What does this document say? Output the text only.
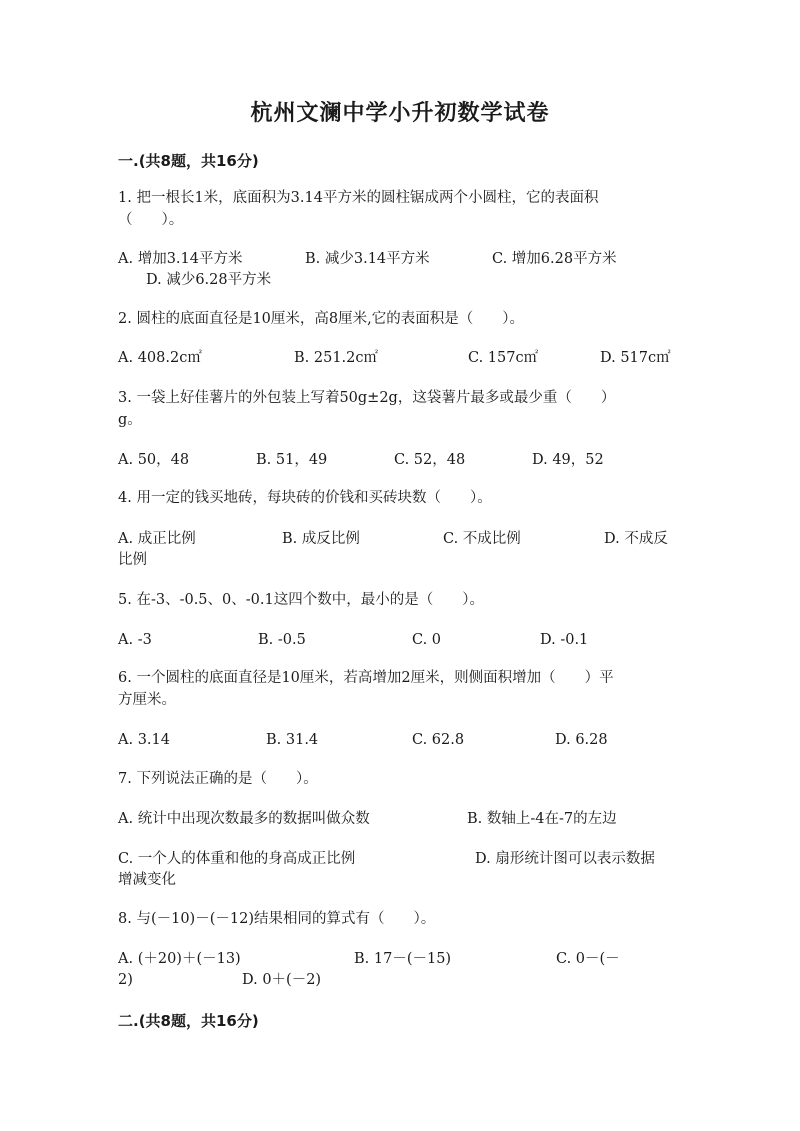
杭州文澜中学小升初数学试卷
一.(共8题，共16分)
1. 把一根长1米，底面积为3.14平方米的圆柱锯成两个小圆柱，它的表面积
（　　）。
A. 增加3.14平方米	B. 减少3.14平方米	C. 增加6.28平方米
D. 减少6.28平方米
2. 圆柱的底面直径是10厘米，高8厘米,它的表面积是（　　）。
A. 408.2c㎡	B. 251.2c㎡	C. 157c㎡	D. 517c㎡
3. 一袋上好佳薯片的外包装上写着50g±2g，这袋薯片最多或最少重（　　）
g。
A. 50，48	B. 51，49	C. 52，48	D. 49，52
4. 用一定的钱买地砖，每块砖的价钱和买砖块数（　　）。
A. 成正比例	B. 成反比例	C. 不成比例	D. 不成反
比例
5. 在-3、-0.5、0、-0.1这四个数中，最小的是（　　）。
A. -3	B. -0.5	C. 0	D. -0.1
6. 一个圆柱的底面直径是10厘米，若高增加2厘米，则侧面积增加（　　）平
方厘米。
A. 3.14	B. 31.4	C. 62.8	D. 6.28
7. 下列说法正确的是（　　）。
A. 统计中出现次数最多的数据叫做众数	B. 数轴上-4在-7的左边
C. 一个人的体重和他的身高成正比例	D. 扇形统计图可以表示数据
增减变化
8. 与(－10)－(－12)结果相同的算式有（　　）。
A. (＋20)＋(－13)	B. 17－(－15)	C. 0－(－
2)	D. 0＋(－2)
二.(共8题，共16分)
